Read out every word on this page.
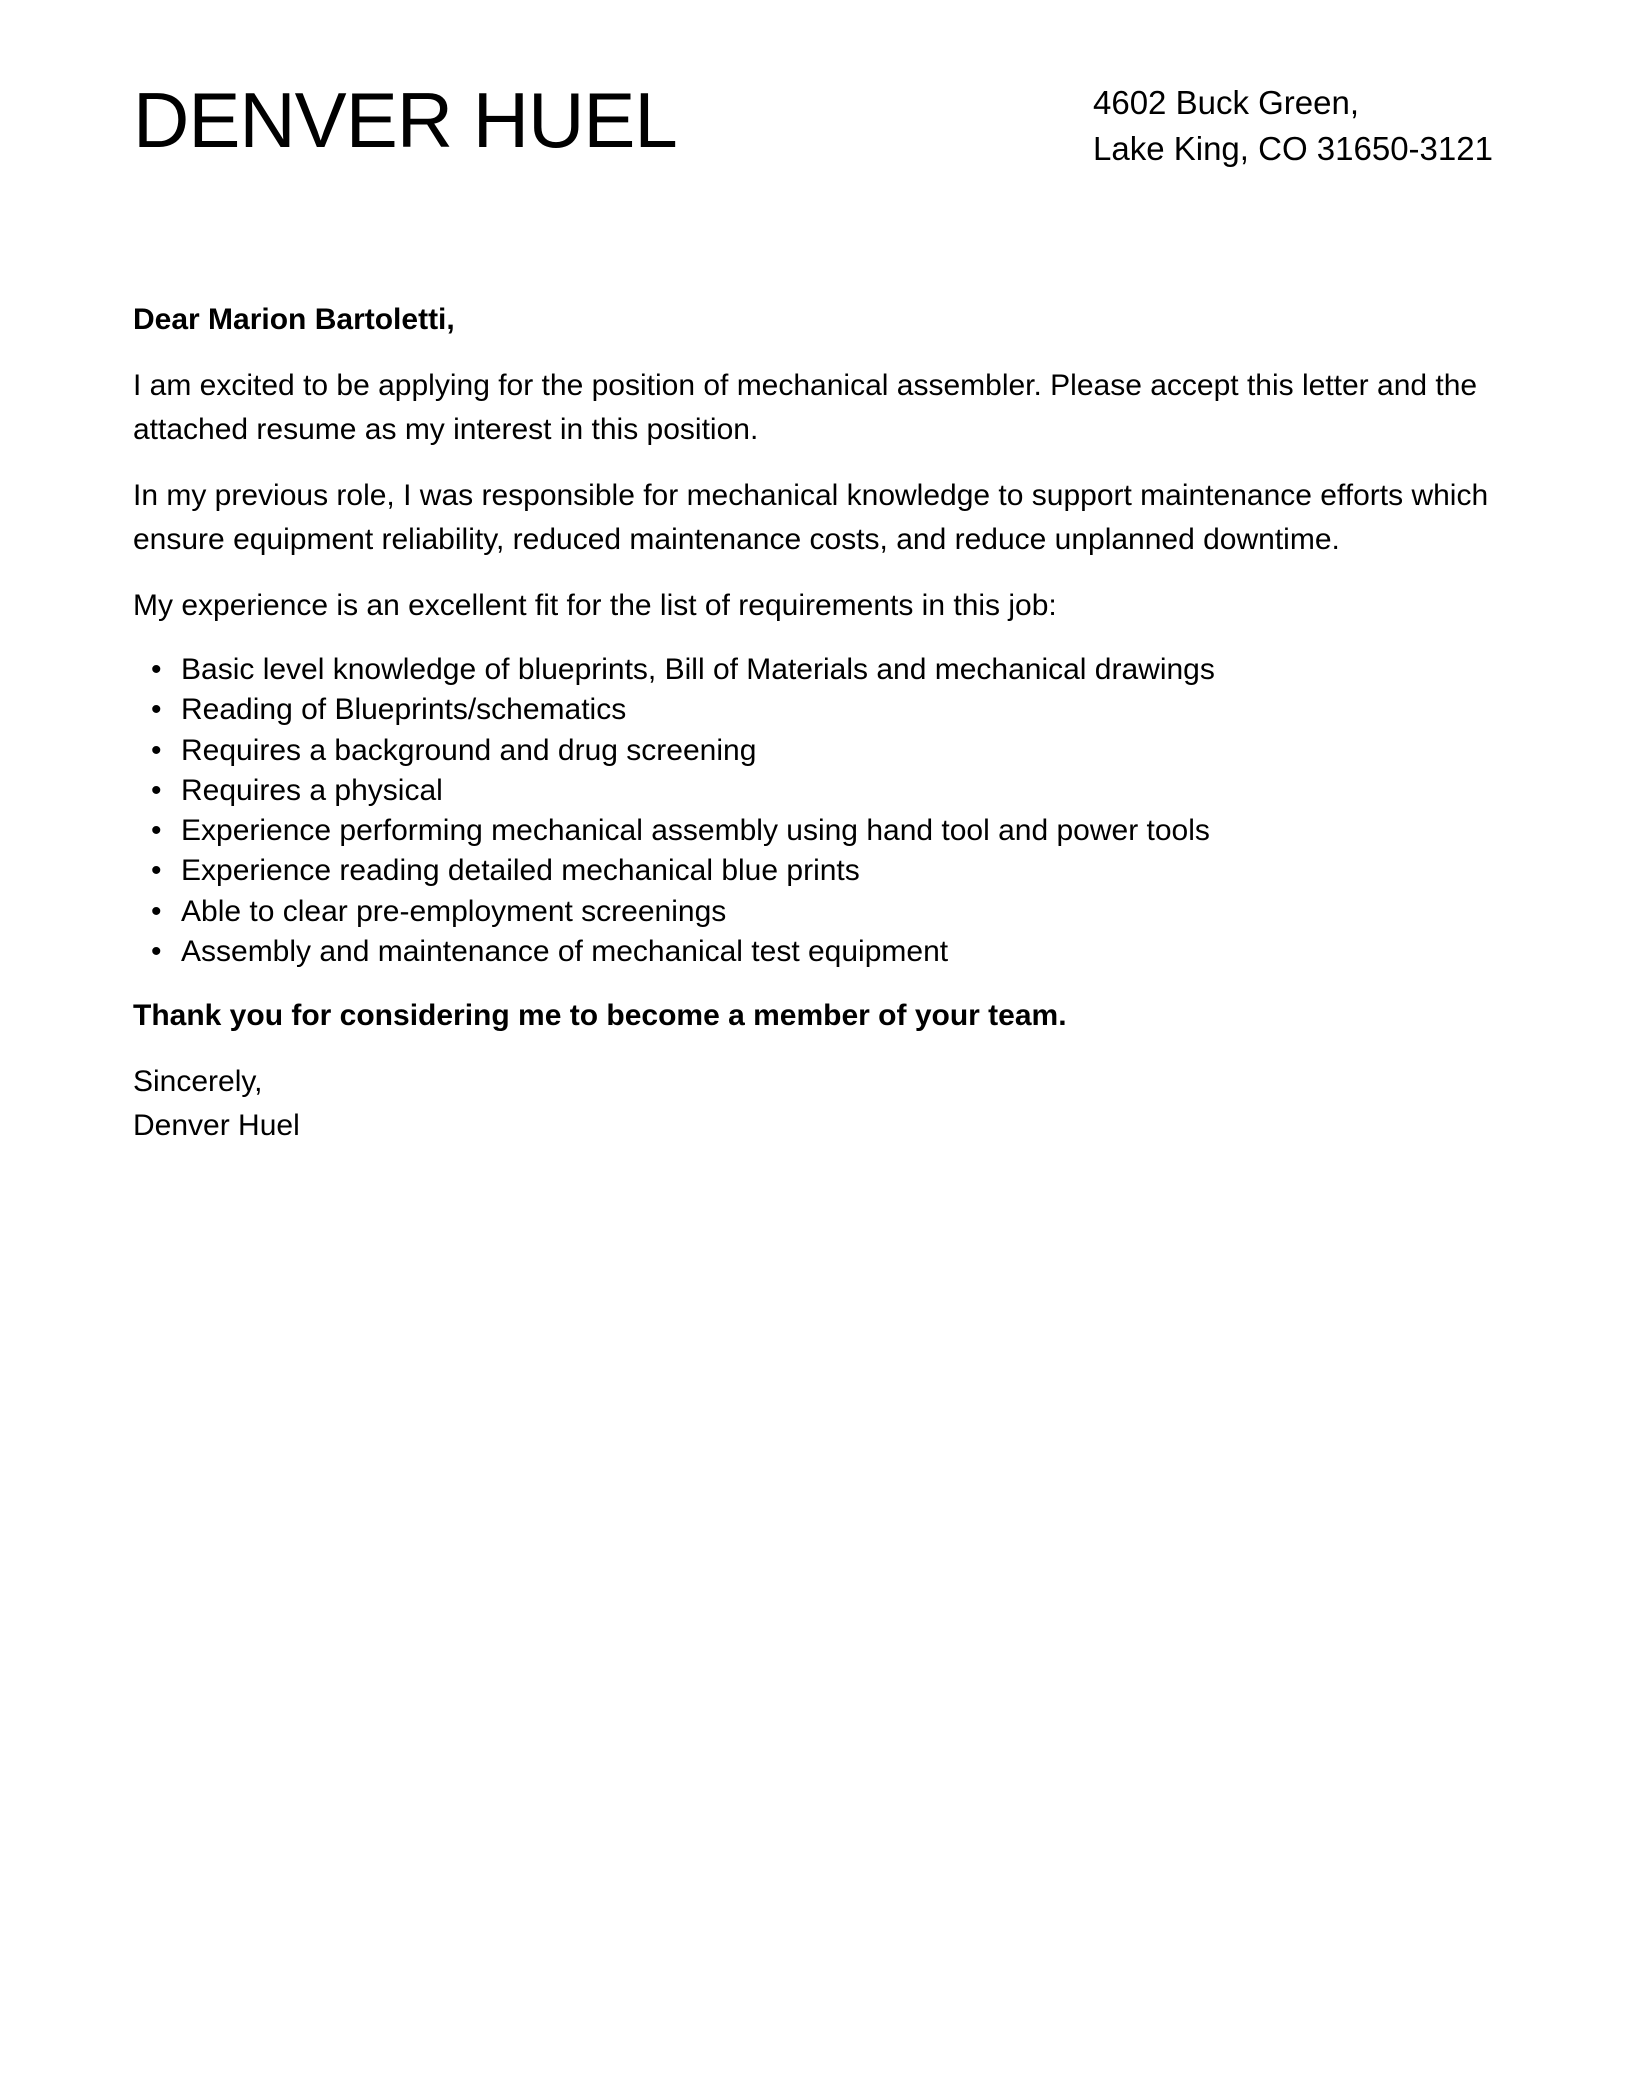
DENVER HUEL	4602 Buck Green,
Lake King, CO 31650-3121

Dear Marion Bartoletti,

I am excited to be applying for the position of mechanical assembler. Please accept this letter and the attached resume as my interest in this position.

In my previous role, I was responsible for mechanical knowledge to support maintenance efforts which ensure equipment reliability, reduced maintenance costs, and reduce unplanned downtime.

My experience is an excellent fit for the list of requirements in this job:

• Basic level knowledge of blueprints, Bill of Materials and mechanical drawings
• Reading of Blueprints/schematics
• Requires a background and drug screening
• Requires a physical
• Experience performing mechanical assembly using hand tool and power tools
• Experience reading detailed mechanical blue prints
• Able to clear pre-employment screenings
• Assembly and maintenance of mechanical test equipment

Thank you for considering me to become a member of your team.

Sincerely,

Denver Huel
